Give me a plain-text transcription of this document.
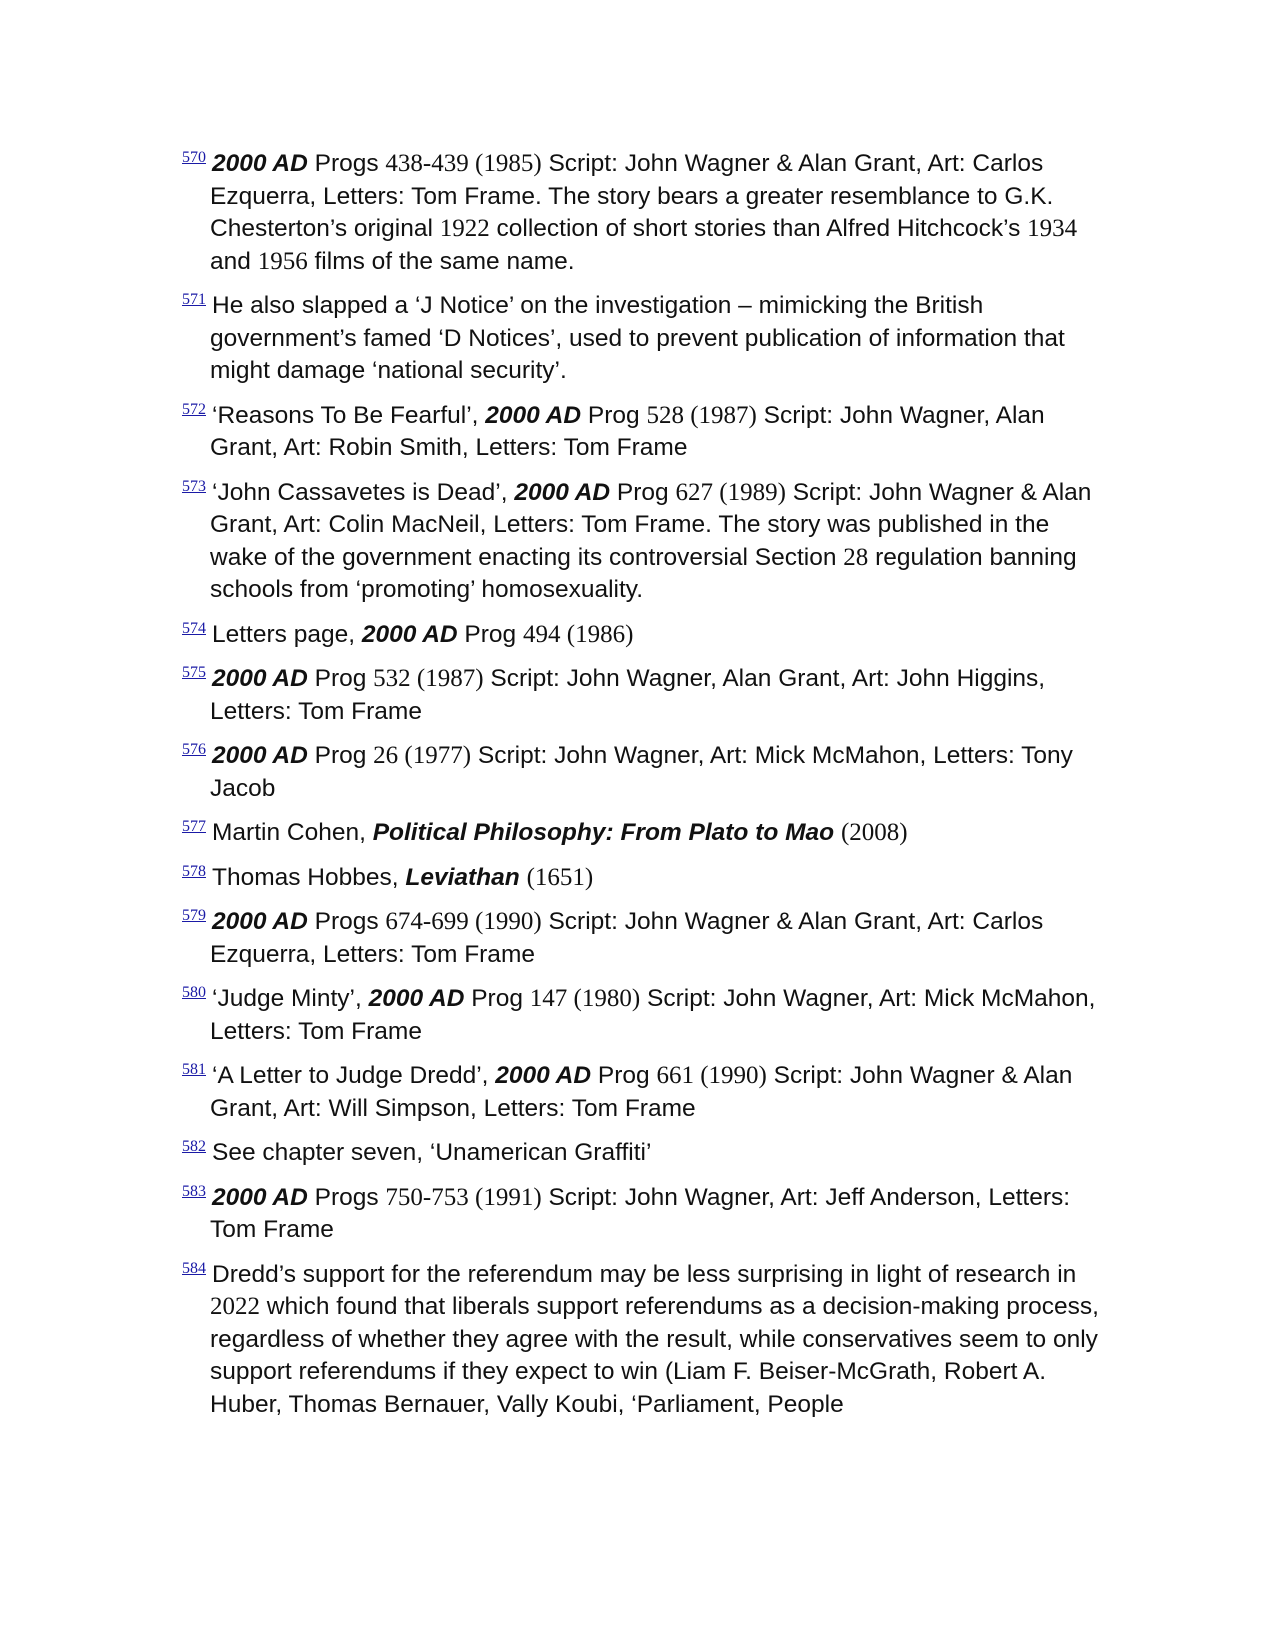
$^{570}$ 2000 AD Progs 438-439 (1985) Script: John Wagner & Alan Grant, Art: Carlos Ezquerra, Letters: Tom Frame. The story bears a greater resemblance to G.K. Chesterton’s original 1922 collection of short stories than Alfred Hitchcock’s 1934 and 1956 films of the same name.

$^{571}$ He also slapped a ‘J Notice’ on the investigation – mimicking the British government’s famed ‘D Notices’, used to prevent publication of information that might damage ‘national security’.

$^{572}$ ‘Reasons To Be Fearful’, 2000 AD Prog 528 (1987) Script: John Wagner, Alan Grant, Art: Robin Smith, Letters: Tom Frame

$^{573}$ ‘John Cassavetes is Dead’, 2000 AD Prog 627 (1989) Script: John Wagner & Alan Grant, Art: Colin MacNeil, Letters: Tom Frame. The story was published in the wake of the government enacting its controversial Section 28 regulation banning schools from ‘promoting’ homosexuality.

$^{574}$ Letters page, 2000 AD Prog 494 (1986)

$^{575}$ 2000 AD Prog 532 (1987) Script: John Wagner, Alan Grant, Art: John Higgins, Letters: Tom Frame

$^{576}$ 2000 AD Prog 26 (1977) Script: John Wagner, Art: Mick McMahon, Letters: Tony Jacob

$^{577}$ Martin Cohen, Political Philosophy: From Plato to Mao (2008)

$^{578}$ Thomas Hobbes, Leviathan (1651)

$^{579}$ 2000 AD Progs 674-699 (1990) Script: John Wagner & Alan Grant, Art: Carlos Ezquerra, Letters: Tom Frame

$^{580}$ ‘Judge Minty’, 2000 AD Prog 147 (1980) Script: John Wagner, Art: Mick McMahon, Letters: Tom Frame

$^{581}$ ‘A Letter to Judge Dredd’, 2000 AD Prog 661 (1990) Script: John Wagner & Alan Grant, Art: Will Simpson, Letters: Tom Frame

$^{582}$ See chapter seven, ‘Unamerican Graffiti’

$^{583}$ 2000 AD Progs 750-753 (1991) Script: John Wagner, Art: Jeff Anderson, Letters: Tom Frame

$^{584}$ Dredd’s support for the referendum may be less surprising in light of research in 2022 which found that liberals support referendums as a decision-making process, regardless of whether they agree with the result, while conservatives seem to only support referendums if they expect to win (Liam F. Beiser-McGrath, Robert A. Huber, Thomas Bernauer, Vally Koubi, ‘Parliament, People
